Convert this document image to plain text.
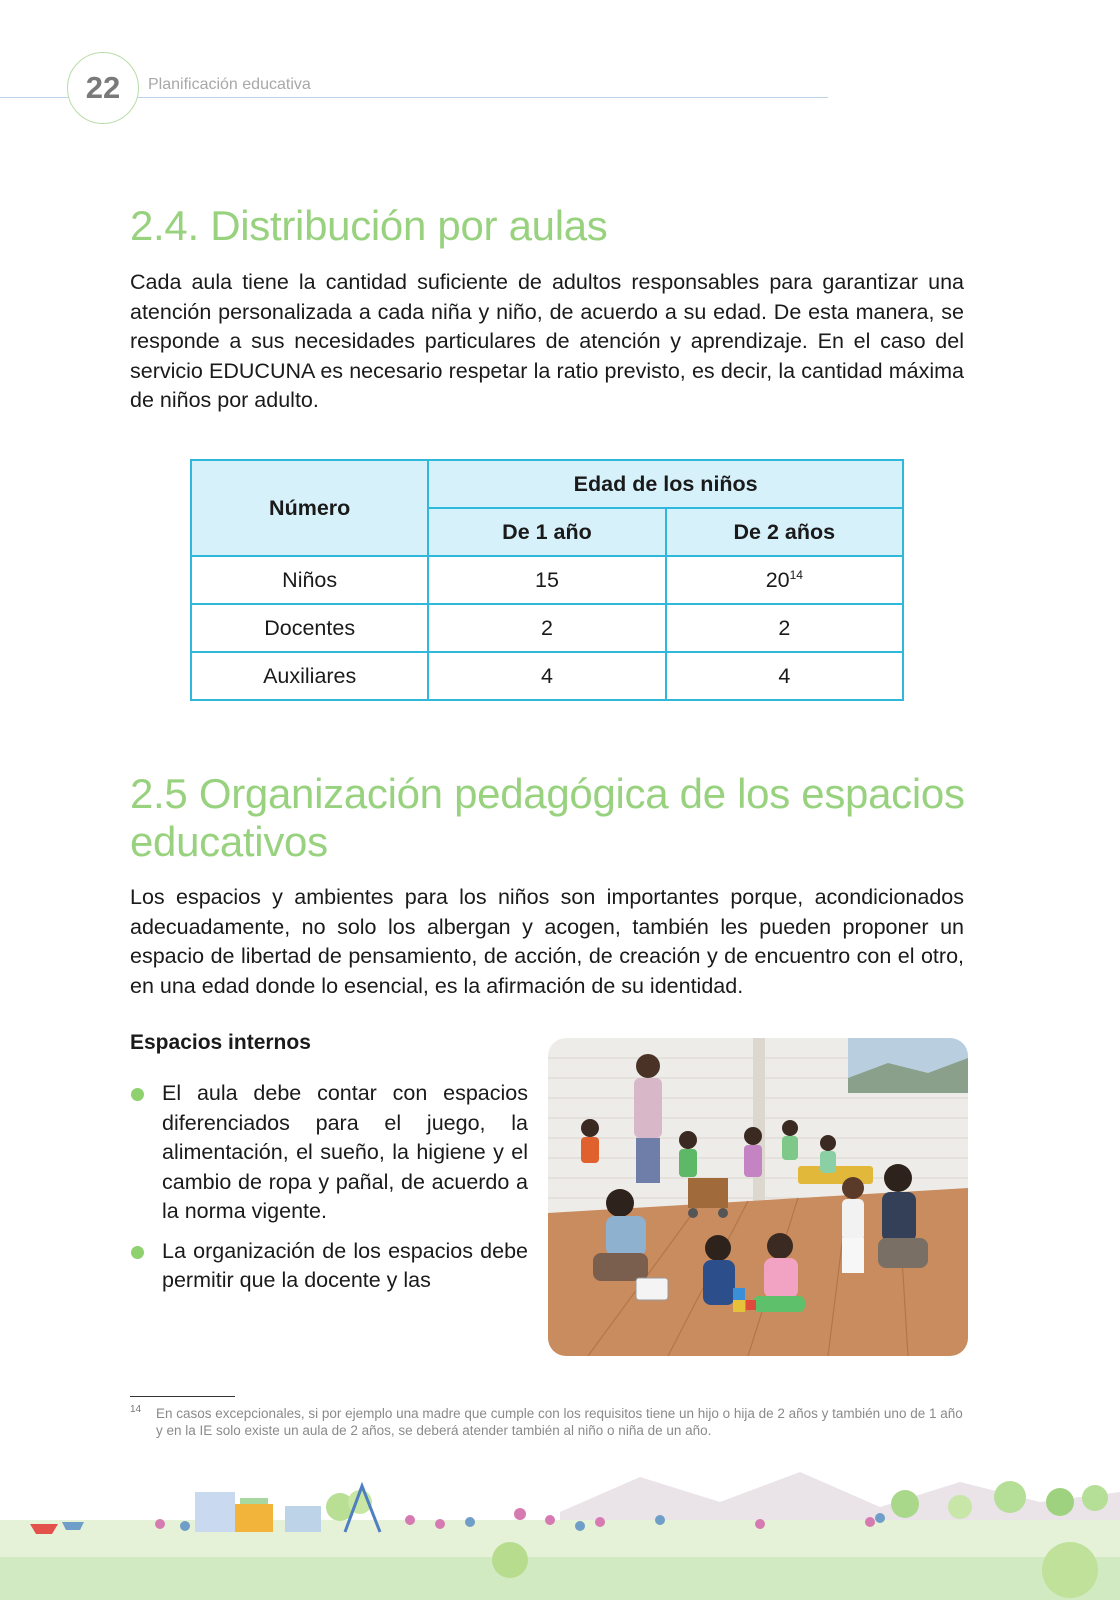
22	Planificación educativa
2.4. Distribución por aulas

Cada aula tiene la cantidad suficiente de adultos responsables para garantizar una atención personalizada a cada niña y niño, de acuerdo a su edad. De esta manera, se responde a sus necesidades particulares de atención y aprendizaje. En el caso del servicio EDUCUNA es necesario respetar la ratio previsto, es decir, la cantidad máxima de niños por adulto.

Número	Edad de los niños	
	De 1 año	De 2 años
Niños	15	$20^{14}$
Docentes	2	2
Auxiliares	4	4
2.5 Organización pedagógica de los espacios
educativos

Los espacios y ambientes para los niños son importantes porque, acondicionados adecuadamente, no solo los albergan y acogen, también les pueden proponer un espacio de libertad de pensamiento, de acción, de creación y de encuentro con el otro, en una edad donde lo esencial, es la afirmación de su identidad.

Espacios internos
El aula debe contar con espacios diferenciados para el juego, la alimentación, el sueño, la higiene y el cambio de ropa y pañal, de acuerdo a la norma vigente.
La organización de los espacios debe permitir que la docente y las
14 En casos excepcionales, si por ejemplo una madre que cumple con los requisitos tiene un hijo o hija de 2 años y también uno de 1 año y en la IE solo existe un aula de 2 años, se deberá atender también al niño o niña de un año.
